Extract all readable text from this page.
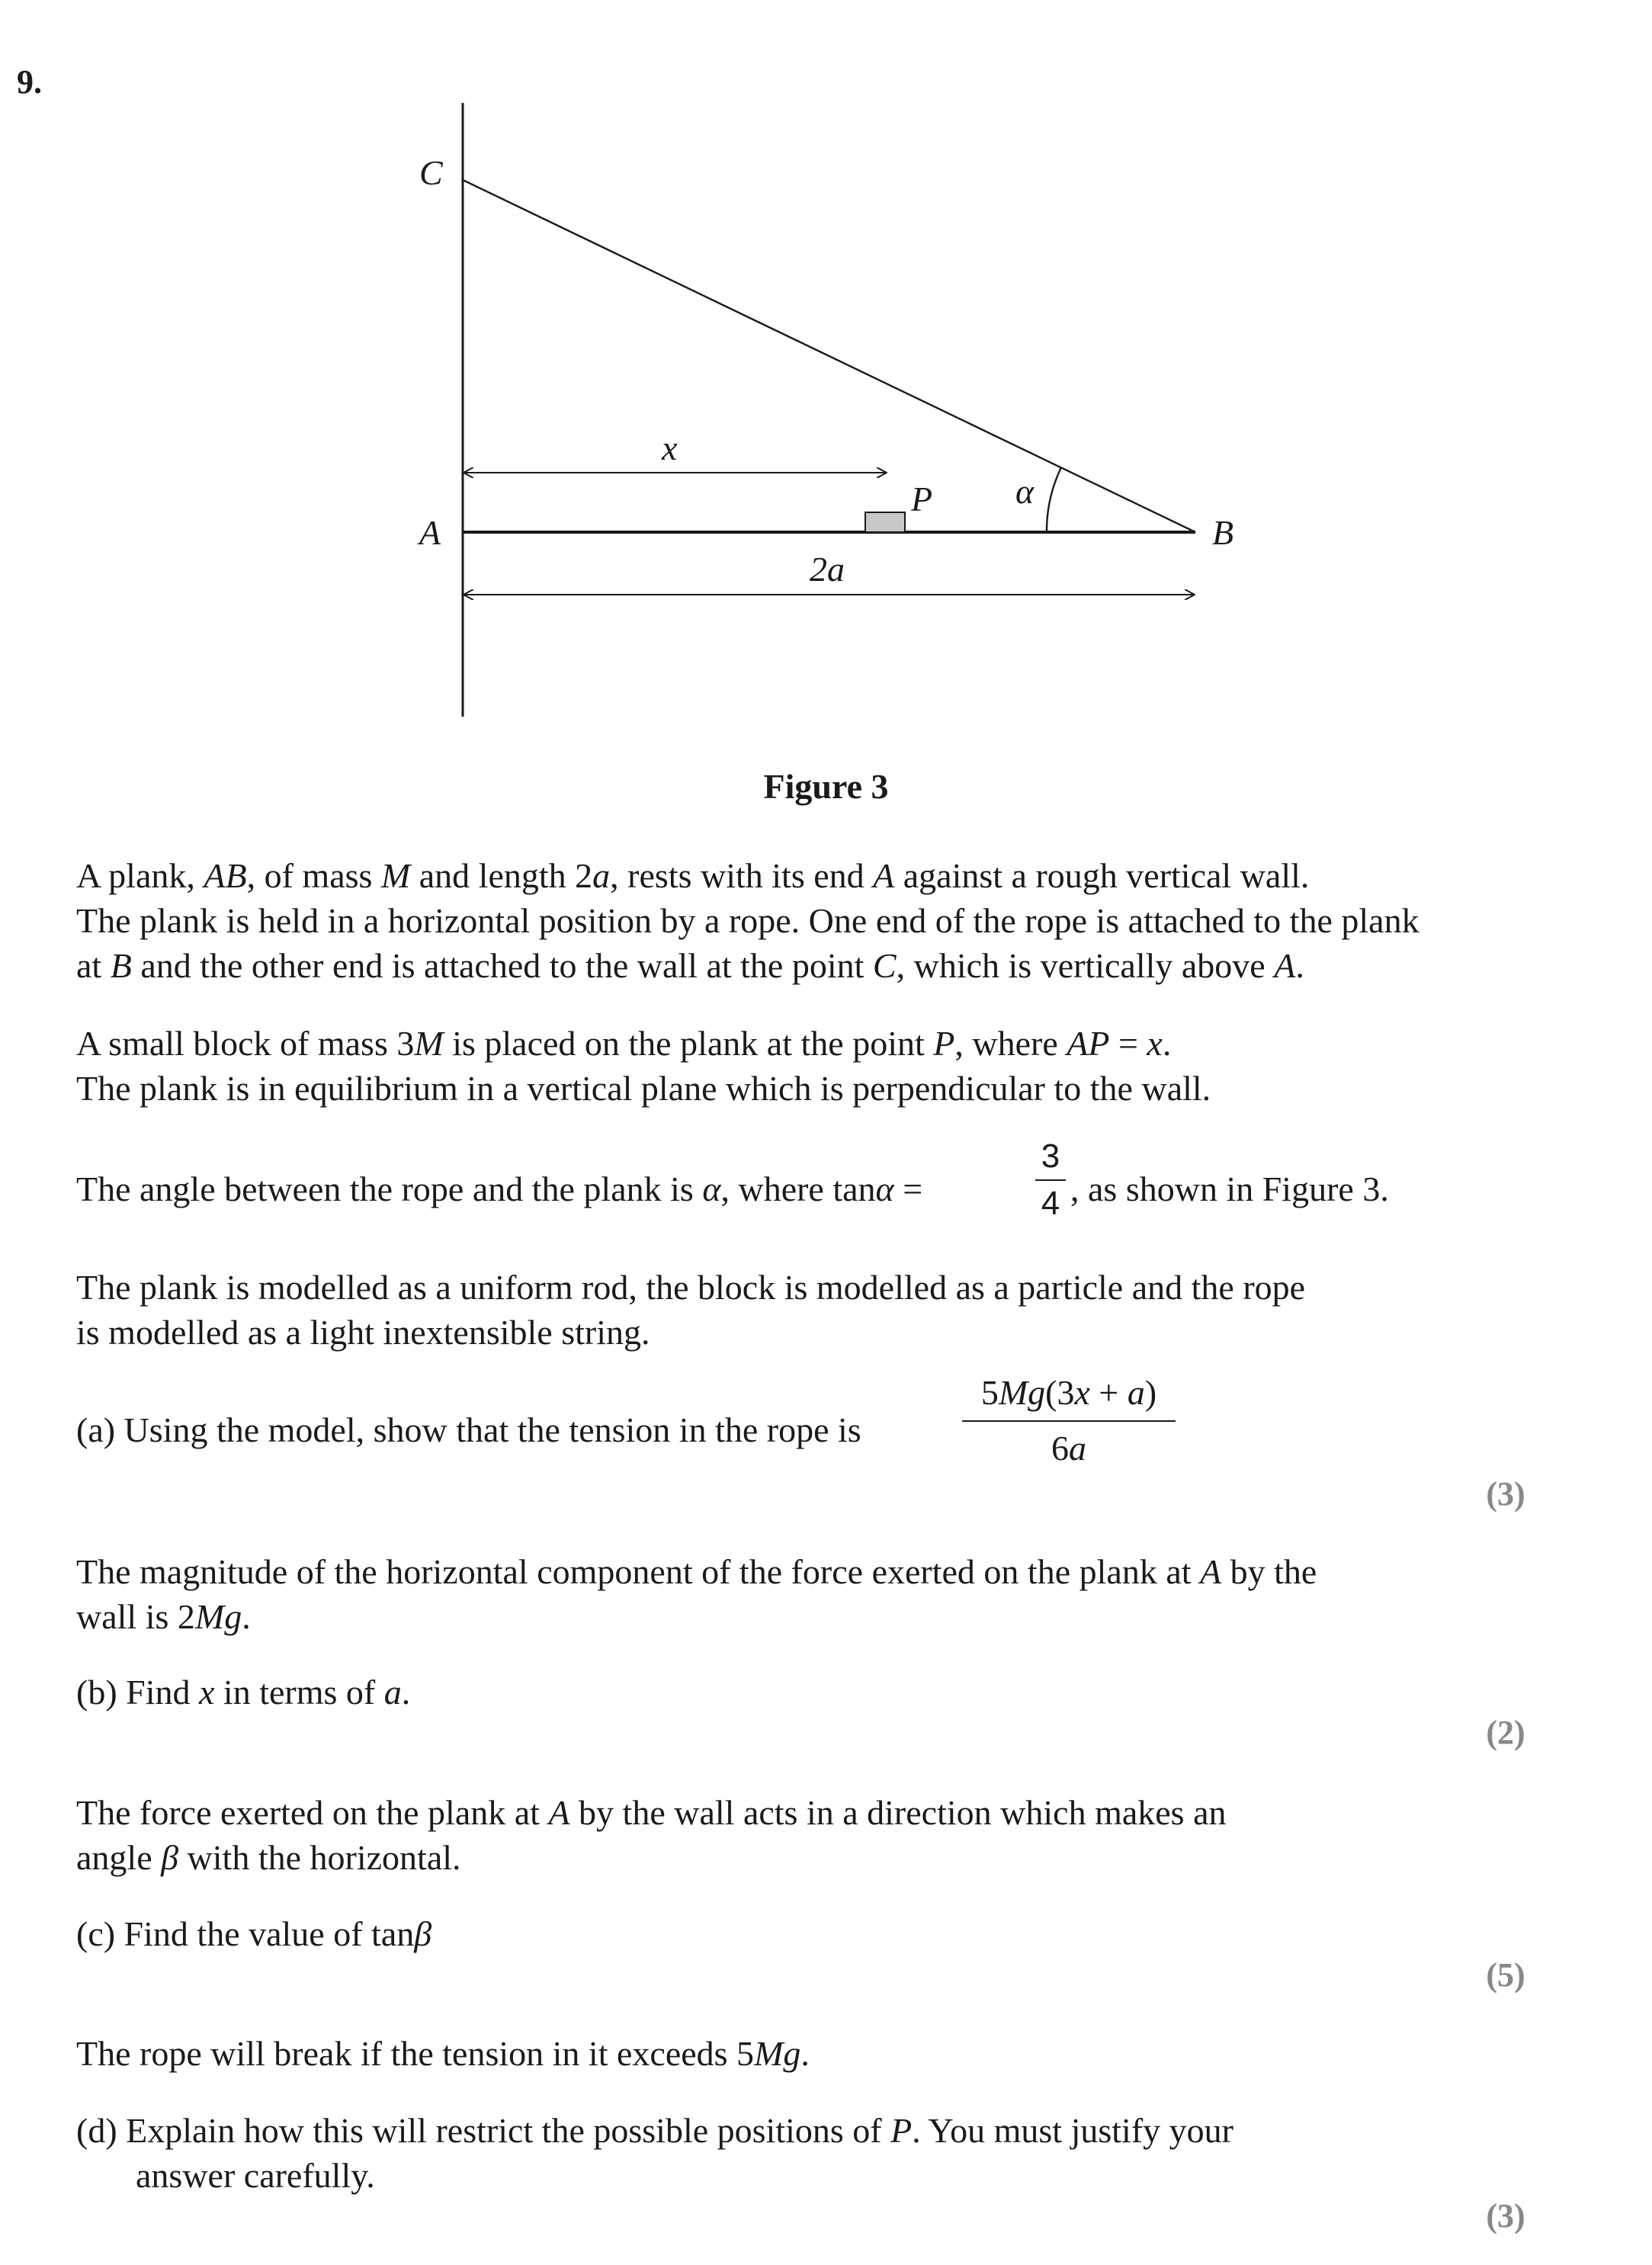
9.
C
A	B
P
x
α
2a
Figure 3
A plank, AB, of mass M and length 2a, rests with its end A against a rough vertical wall.
The plank is held in a horizontal position by a rope. One end of the rope is attached to the plank
at B and the other end is attached to the wall at the point C, which is vertically above A.
A small block of mass 3M is placed on the plank at the point P, where AP = x.
The plank is in equilibrium in a vertical plane which is perpendicular to the wall.
The angle between the rope and the plank is α, where tanα =
3
4 , as shown in Figure 3.
The plank is modelled as a uniform rod, the block is modelled as a particle and the rope
is modelled as a light inextensible string.
(a) Using the model, show that the tension in the rope is
5Mg(3x + a)
6a
(3)
The magnitude of the horizontal component of the force exerted on the plank at A by the
wall is 2Mg.
(b) Find x in terms of a.
(2)
The force exerted on the plank at A by the wall acts in a direction which makes an
angle β with the horizontal.
(c) Find the value of tanβ
(5)
The rope will break if the tension in it exceeds 5Mg.
(d) Explain how this will restrict the possible positions of P. You must justify your
answer carefully.
(3)
